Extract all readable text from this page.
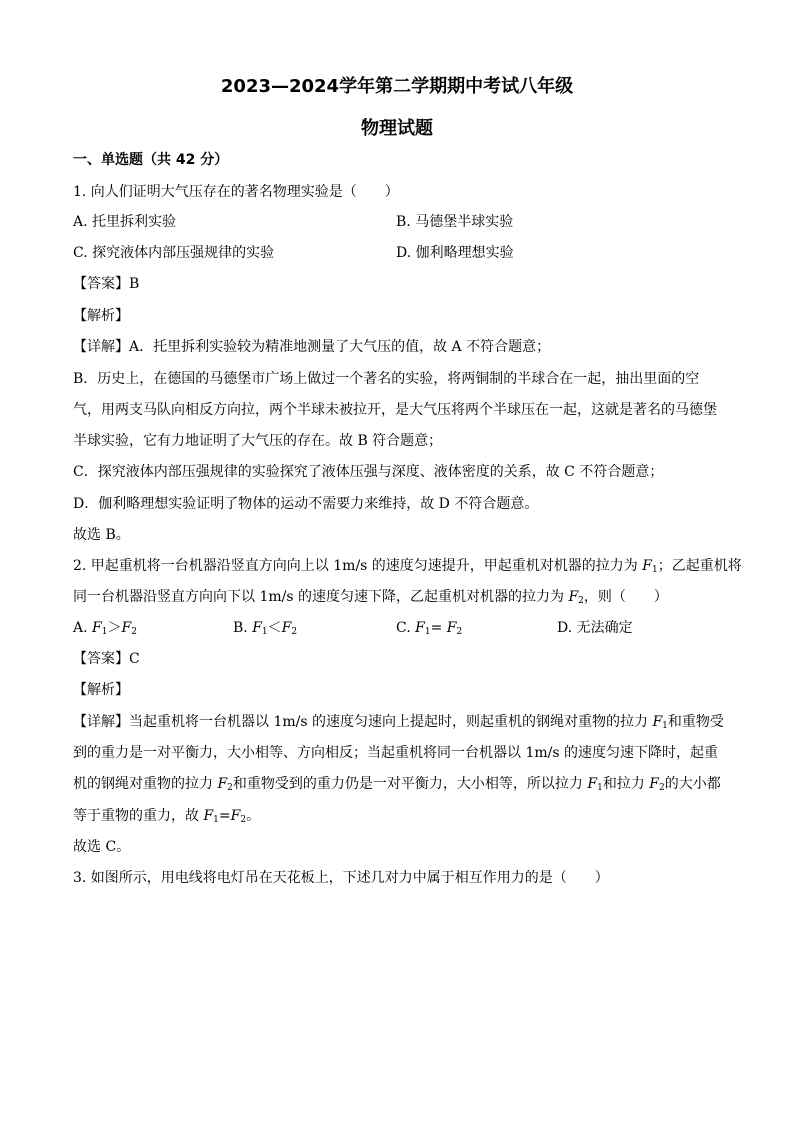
2023—2024学年第二学期期中考试八年级
物理试题
一、单选题（共 42 分）
1. 向人们证明大气压存在的著名物理实验是（　　）
A. 托里拆利实验	B. 马德堡半球实验
C. 探究液体内部压强规律的实验	D. 伽利略理想实验
【答案】B
【解析】
【详解】A．托里拆利实验较为精准地测量了大气压的值，故 A 不符合题意；
B．历史上，在德国的马德堡市广场上做过一个著名的实验，将两铜制的半球合在一起，抽出里面的空
气，用两支马队向相反方向拉，两个半球未被拉开，是大气压将两个半球压在一起，这就是著名的马德堡
半球实验，它有力地证明了大气压的存在。故 B 符合题意；
C．探究液体内部压强规律的实验探究了液体压强与深度、液体密度的关系，故 C 不符合题意；
D．伽利略理想实验证明了物体的运动不需要力来维持，故 D 不符合题意。
故选 B。
2. 甲起重机将一台机器沿竖直方向向上以 1m/s 的速度匀速提升，甲起重机对机器的拉力为 $F_1$；乙起重机将
同一台机器沿竖直方向向下以 1m/s 的速度匀速下降，乙起重机对机器的拉力为 $F_2$，则（　　）
A. $F_1>F_2$	B. $F_1<F_2$	C. $F_1= F_2$	D. 无法确定
【答案】C
【解析】
【详解】当起重机将一台机器以 1m/s 的速度匀速向上提起时，则起重机的钢绳对重物的拉力 $F_1$和重物受
到的重力是一对平衡力，大小相等、方向相反；当起重机将同一台机器以 1m/s 的速度匀速下降时，起重
机的钢绳对重物的拉力 $F_2$和重物受到的重力仍是一对平衡力，大小相等，所以拉力 $F_1$和拉力 $F_2$的大小都
等于重物的重力，故 $F_1=F_2$。
故选 C。
3. 如图所示，用电线将电灯吊在天花板上，下述几对力中属于相互作用力的是（　　）
